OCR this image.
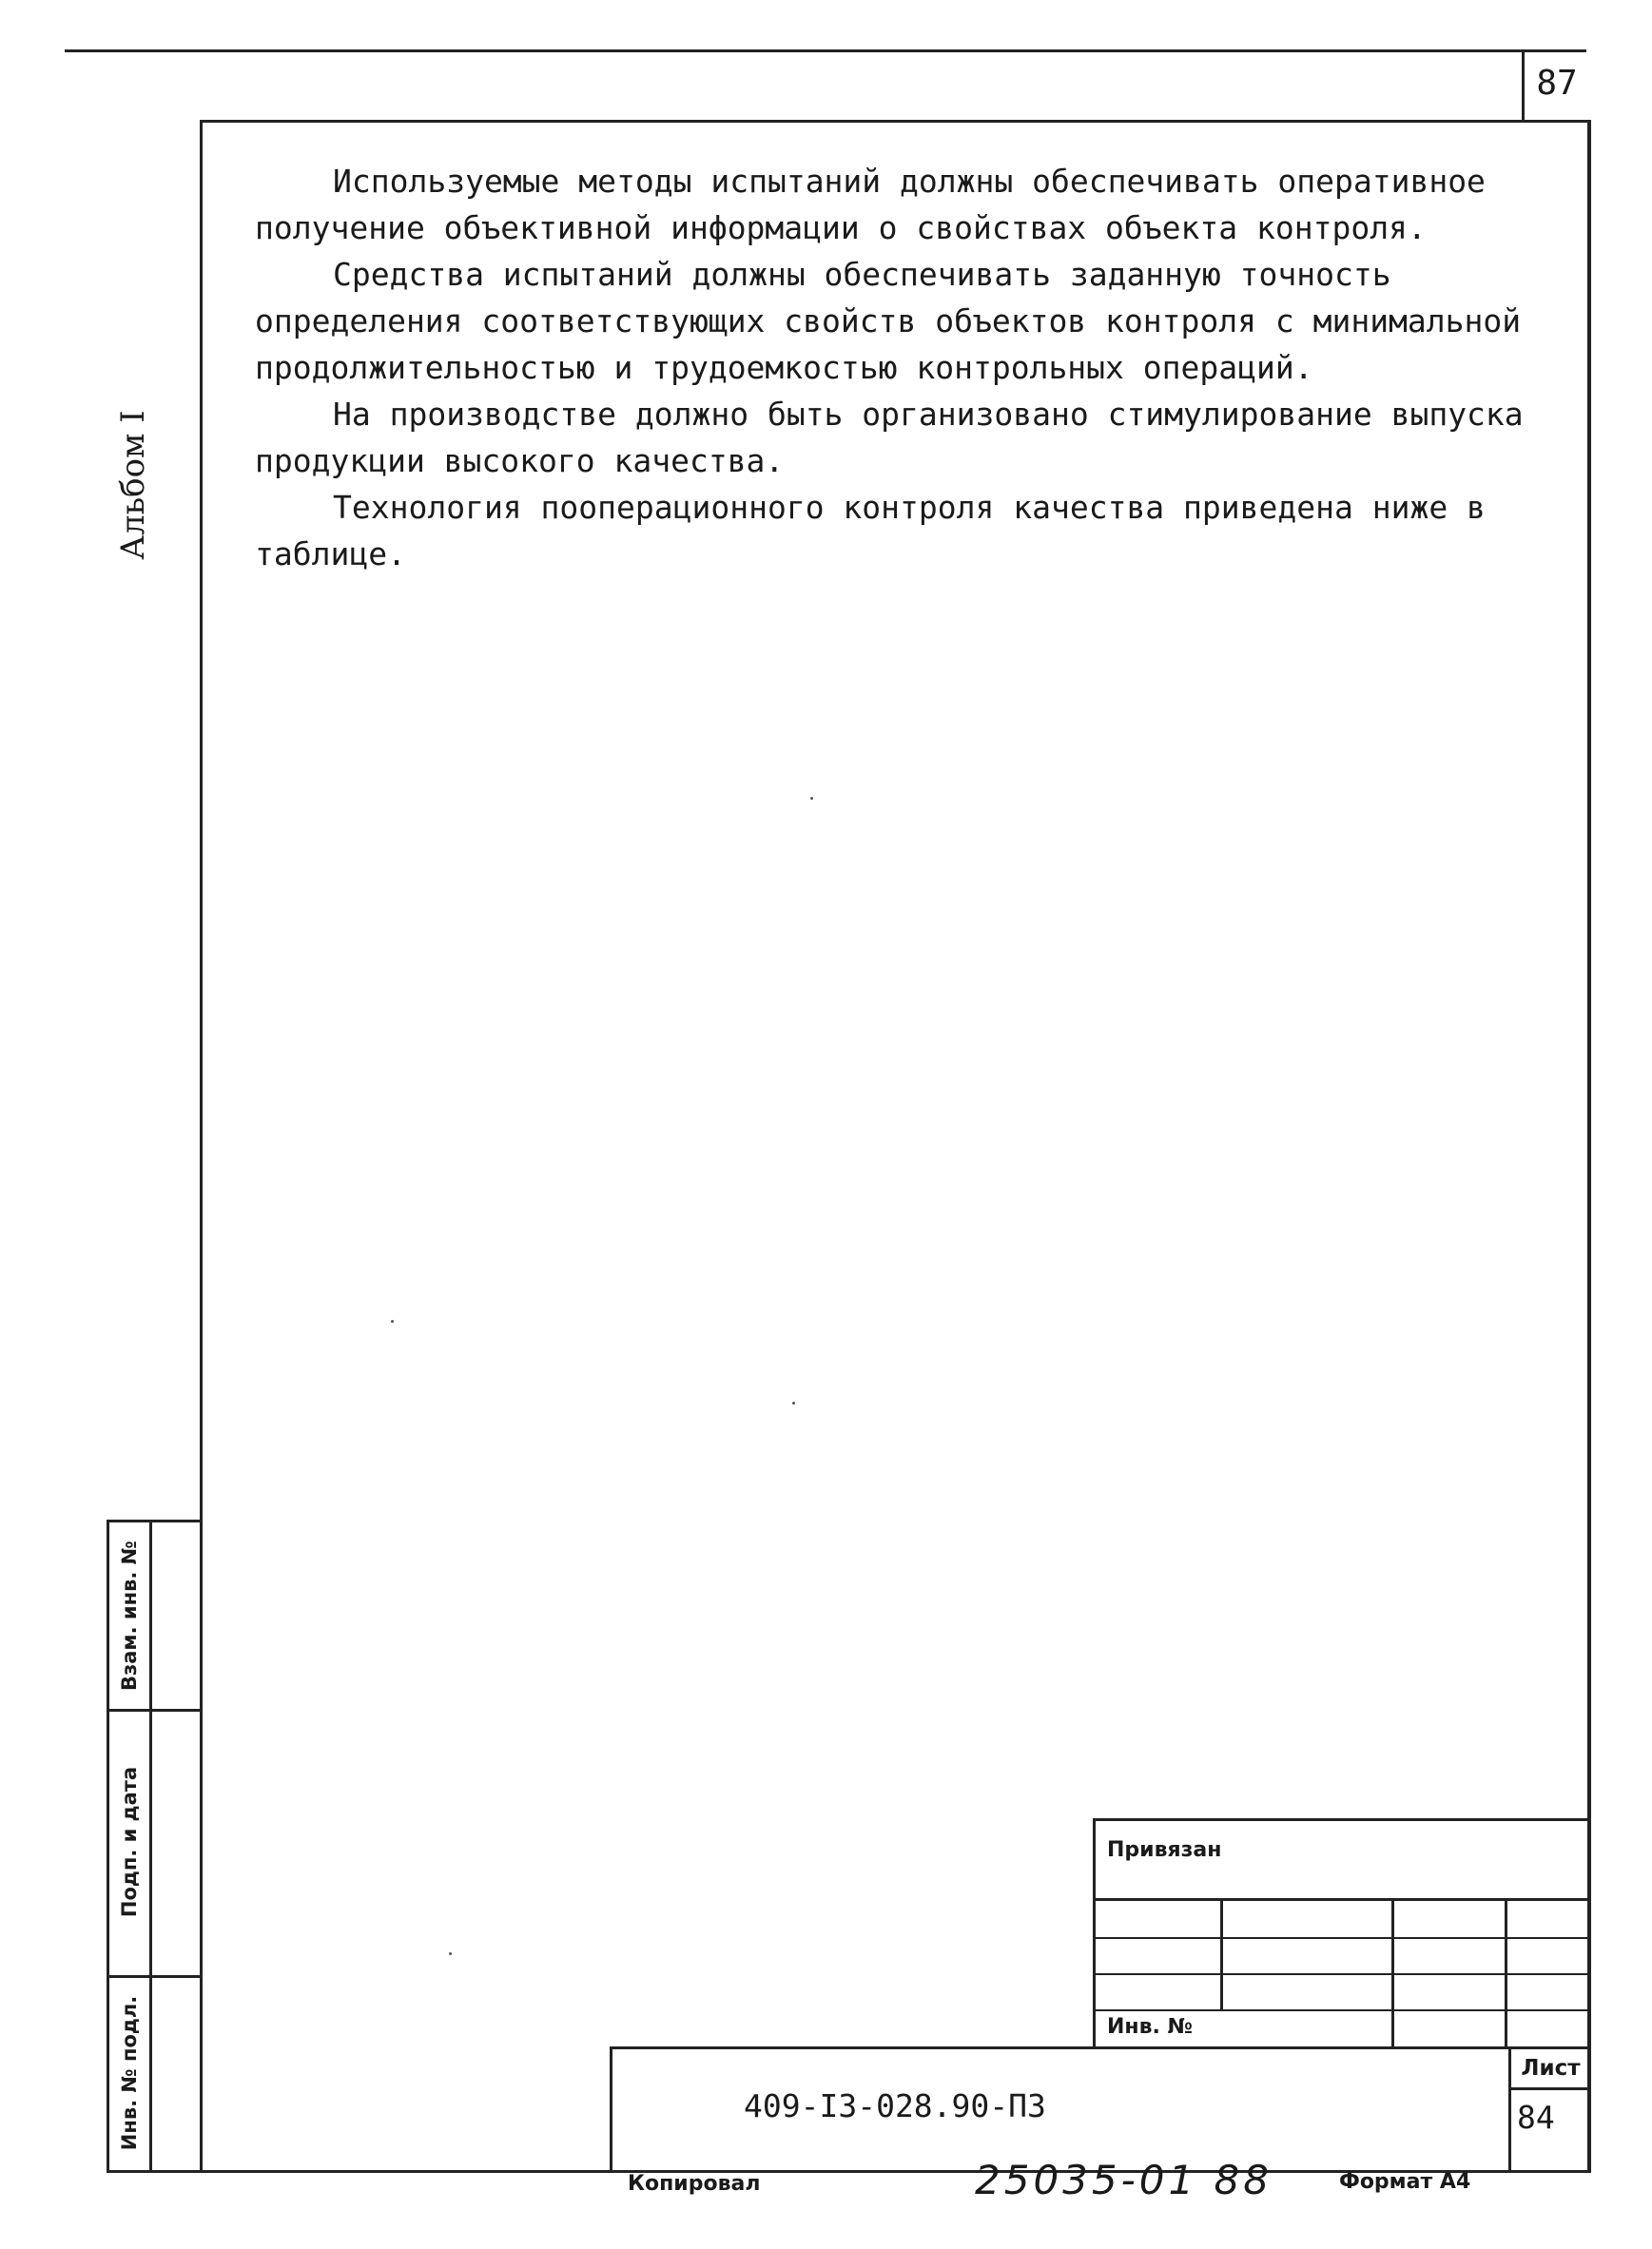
87
Альбом I

Используемые методы испытаний должны обеспечивать оперативное получение объективной информации о свойствах объекта контроля.

Средства испытаний должны обеспечивать заданную точность определения соответствующих свойств объектов контроля с минимальной продолжительностью и трудоемкостью контрольных операций.

На производстве должно быть организовано стимулирование выпуска продукции высокого качества.

Технология пооперационного контроля качества приведена ниже в таблице.

Взам. инв. №
Подп. и дата
Инв. № подл.
Привязан
Инв. №
409-I3-028.90-ПЗ
Лист
84
Копировал	25035-01 88	Формат А4
